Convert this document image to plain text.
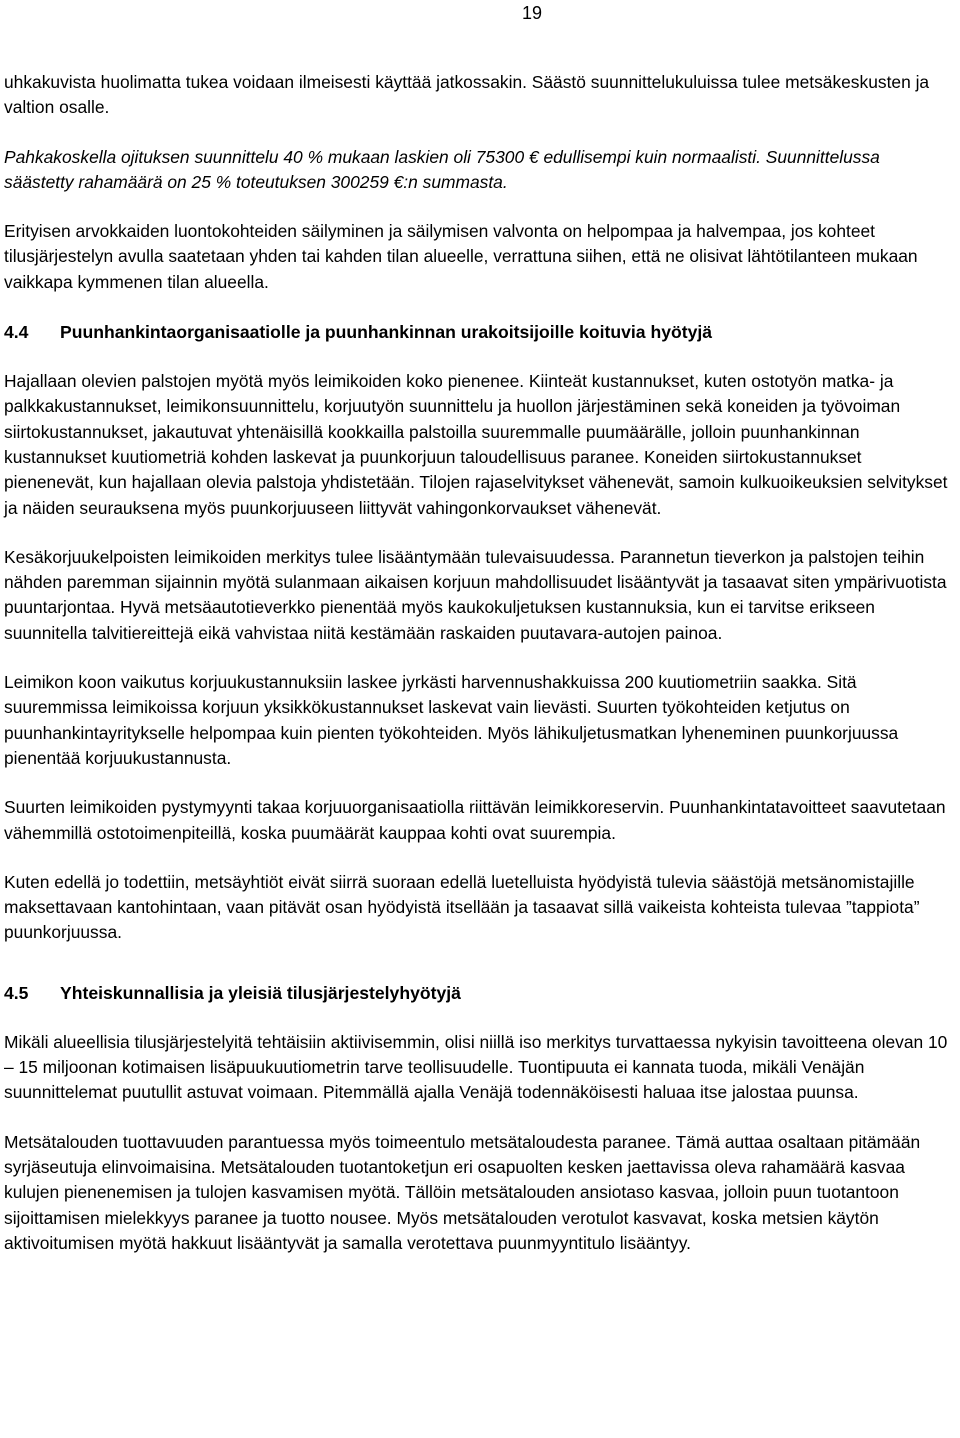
19

uhkakuvista huolimatta tukea voidaan ilmeisesti käyttää jatkossakin. Säästö suunnittelukuluissa tulee metsäkeskusten ja valtion osalle.

Pahkakoskella ojituksen suunnittelu 40 % mukaan laskien oli 75300 € edullisempi kuin normaalisti. Suunnittelussa säästetty rahamäärä on 25 % toteutuksen 300259 €:n summasta.

Erityisen arvokkaiden luontokohteiden säilyminen ja säilymisen valvonta on helpompaa ja halvempaa, jos kohteet tilusjärjestelyn avulla saatetaan yhden tai kahden tilan alueelle, verrattuna siihen, että ne olisivat lähtötilanteen mukaan vaikkapa kymmenen tilan alueella.

4.4	Puunhankintaorganisaatiolle ja puunhankinnan urakoitsijoille koituvia hyötyjä

Hajallaan olevien palstojen myötä myös leimikoiden koko pienenee. Kiinteät kustannukset, kuten ostotyön matka- ja palkkakustannukset, leimikonsuunnittelu, korjuutyön suunnittelu ja huollon järjestäminen sekä koneiden ja työvoiman siirtokustannukset, jakautuvat yhtenäisillä kookkailla palstoilla suuremmalle puumäärälle, jolloin puunhankinnan kustannukset kuutiometriä kohden laskevat ja puunkorjuun taloudellisuus paranee. Koneiden siirtokustannukset pienenevät, kun hajallaan olevia palstoja yhdistetään. Tilojen rajaselvitykset vähenevät, samoin kulkuoikeuksien selvitykset ja näiden seurauksena myös puunkorjuuseen liittyvät vahingonkorvaukset vähenevät.

Kesäkorjuukelpoisten leimikoiden merkitys tulee lisääntymään tulevaisuudessa. Parannetun tieverkon ja palstojen teihin nähden paremman sijainnin myötä sulanmaan aikaisen korjuun mahdollisuudet lisääntyvät ja tasaavat siten ympärivuotista puuntarjontaa. Hyvä metsäautotieverkko pienentää myös kaukokuljetuksen kustannuksia, kun ei tarvitse erikseen suunnitella talvitiereittejä eikä vahvistaa niitä kestämään raskaiden puutavara-autojen painoa.

Leimikon koon vaikutus korjuukustannuksiin laskee jyrkästi harvennushakkuissa 200 kuutiometriin saakka. Sitä suuremmissa leimikoissa korjuun yksikkökustannukset laskevat vain lievästi. Suurten työkohteiden ketjutus on puunhankintayritykselle helpompaa kuin pienten työkohteiden. Myös lähikuljetusmatkan lyheneminen puunkorjuussa pienentää korjuukustannusta.

Suurten leimikoiden pystymyynti takaa korjuuorganisaatiolla riittävän leimikkoreservin. Puunhankintatavoitteet saavutetaan vähemmillä ostotoimenpiteillä, koska puumäärät kauppaa kohti ovat suurempia.

Kuten edellä jo todettiin, metsäyhtiöt eivät siirrä suoraan edellä luetelluista hyödyistä tulevia säästöjä metsänomistajille maksettavaan kantohintaan, vaan pitävät osan hyödyistä itsellään ja tasaavat sillä vaikeista kohteista tulevaa ”tappiota” puunkorjuussa.

4.5	Yhteiskunnallisia ja yleisiä tilusjärjestelyhyötyjä

Mikäli alueellisia tilusjärjestelyitä tehtäisiin aktiivisemmin, olisi niillä iso merkitys turvattaessa nykyisin tavoitteena olevan 10 – 15 miljoonan kotimaisen lisäpuukuutiometrin tarve teollisuudelle. Tuontipuuta ei kannata tuoda, mikäli Venäjän suunnittelemat puutullit astuvat voimaan. Pitemmällä ajalla Venäjä todennäköisesti haluaa itse jalostaa puunsa.

Metsätalouden tuottavuuden parantuessa myös toimeentulo metsätaloudesta paranee. Tämä auttaa osaltaan pitämään syrjäseutuja elinvoimaisina. Metsätalouden tuotantoketjun eri osapuolten kesken jaettavissa oleva rahamäärä kasvaa kulujen pienenemisen ja tulojen kasvamisen myötä. Tällöin metsätalouden ansiotaso kasvaa, jolloin puun tuotantoon sijoittamisen mielekkyys paranee ja tuotto nousee. Myös metsätalouden verotulot kasvavat, koska metsien käytön aktivoitumisen myötä hakkuut lisääntyvät ja samalla verotettava puunmyyntitulo lisääntyy.
